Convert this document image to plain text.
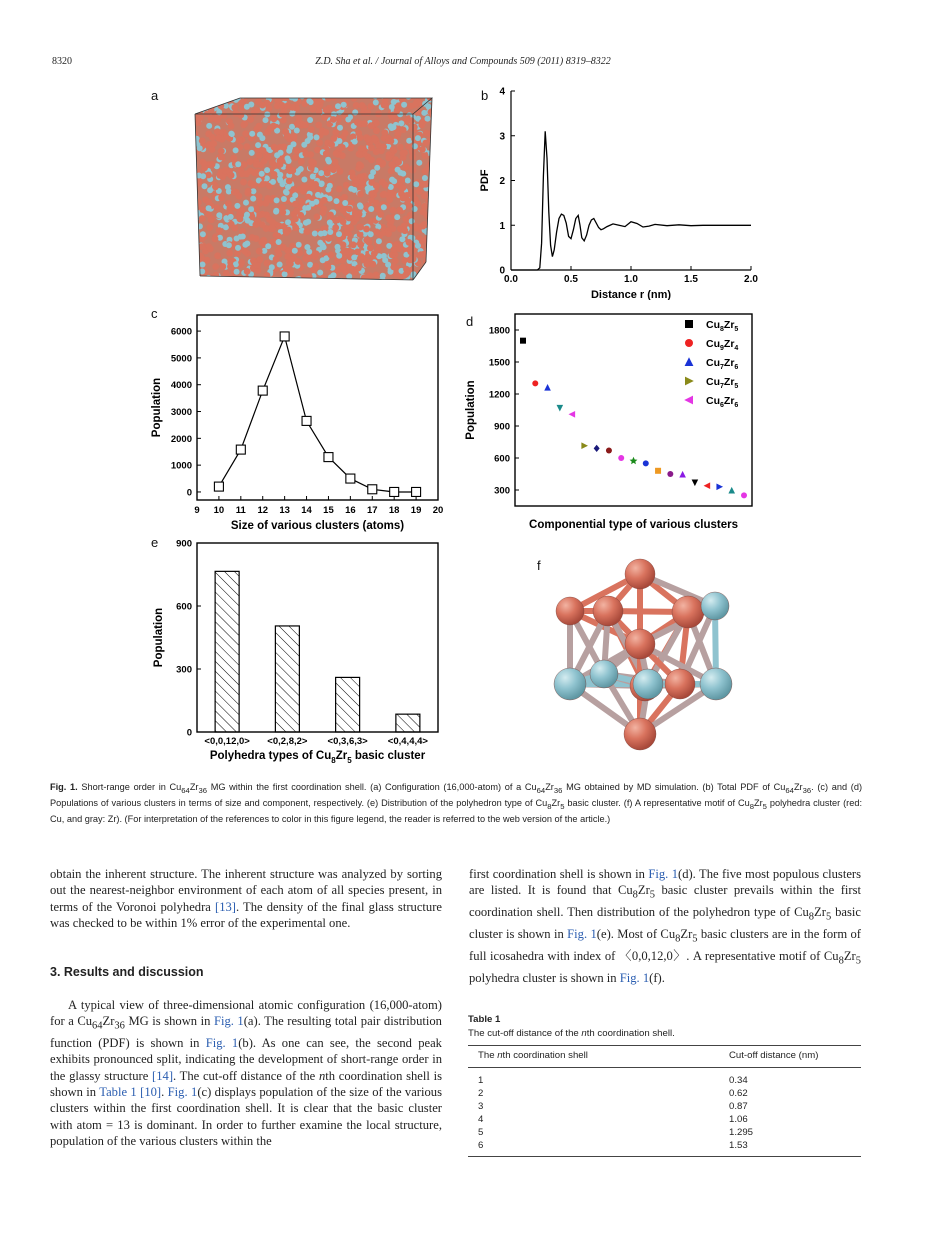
8320	Z.D. Sha et al. / Journal of Alloys and Compounds 509 (2011) 8319–8322
a	b
c
d
e
f
0.0	0.5	1.0	1.5	2.0
0
1
2
3
4
Distance r (nm)
PDF
9 10 11 12 13 14 15 16 17 18 19 20
0
1000
2000
3000
4000
5000
6000
Size of various clusters (atoms)
Population
300
600
900
1200
1500
1800
Componential type of various clusters
Population
$Cu_8Zr_5$
$Cu_9Zr_4$
$Cu_7Zr_6$
$Cu_7Zr_5$
$Cu_6Zr_6$
0
300
600
900
<0,0,12,0> <0,2,8,2> <0,3,6,3> <0,4,4,4>
Polyhedra types of $Cu_8Zr_5$ basic cluster
Population
Fig. 1. Short-range order in $Cu_{64}Zr_{36}$ MG within the first coordination shell. (a) Configuration (16,000-atom) of a $Cu_{64}Zr_{36}$ MG obtained by MD simulation. (b) Total PDF of $Cu_{64}Zr_{36}$. (c) and (d) Populations of various clusters in terms of size and component, respectively. (e) Distribution of the polyhedron type of $Cu_8Zr_5$ basic cluster. (f) A representative motif of $Cu_8Zr_5$ polyhedra cluster (red: Cu, and gray: Zr). (For interpretation of the references to color in this figure legend, the reader is referred to the web version of the article.)

obtain the inherent structure. The inherent structure was analyzed by sorting out the nearest-neighbor environment of each atom of all species present, in terms of the Voronoi polyhedra [13]. The density of the final glass structure was checked to be within 1% error of the experimental one.

3. Results and discussion

A typical view of three-dimensional atomic configuration (16,000-atom) for a $Cu_{64}Zr_{36}$ MG is shown in Fig. 1(a). The resulting total pair distribution function (PDF) is shown in Fig. 1(b). As one can see, the second peak exhibits pronounced split, indicating the development of short-range order in the glassy structure [14]. The cut-off distance of the nth coordination shell is shown in Table 1 [10]. Fig. 1(c) displays population of the size of the various clusters within the first coordination shell. It is clear that the basic cluster with atom = 13 is dominant. In order to further examine the local structure, population of the various clusters within the

first coordination shell is shown in Fig. 1(d). The five most populous clusters are listed. It is found that $Cu_8Zr_5$ basic cluster prevails within the first coordination shell. Then distribution of the polyhedron type of $Cu_8Zr_5$ basic cluster is shown in Fig. 1(e). Most of $Cu_8Zr_5$ basic clusters are in the form of full icosahedra with index of 〈0,0,12,0〉. A representative motif of $Cu_8Zr_5$ polyhedra cluster is shown in Fig. 1(f).

Table 1
The cut-off distance of the nth coordination shell.
The nth coordination shell	Cut-off distance (nm)
1	0.34
2	0.62
3	0.87
4	1.06
5	1.295
6	1.53
